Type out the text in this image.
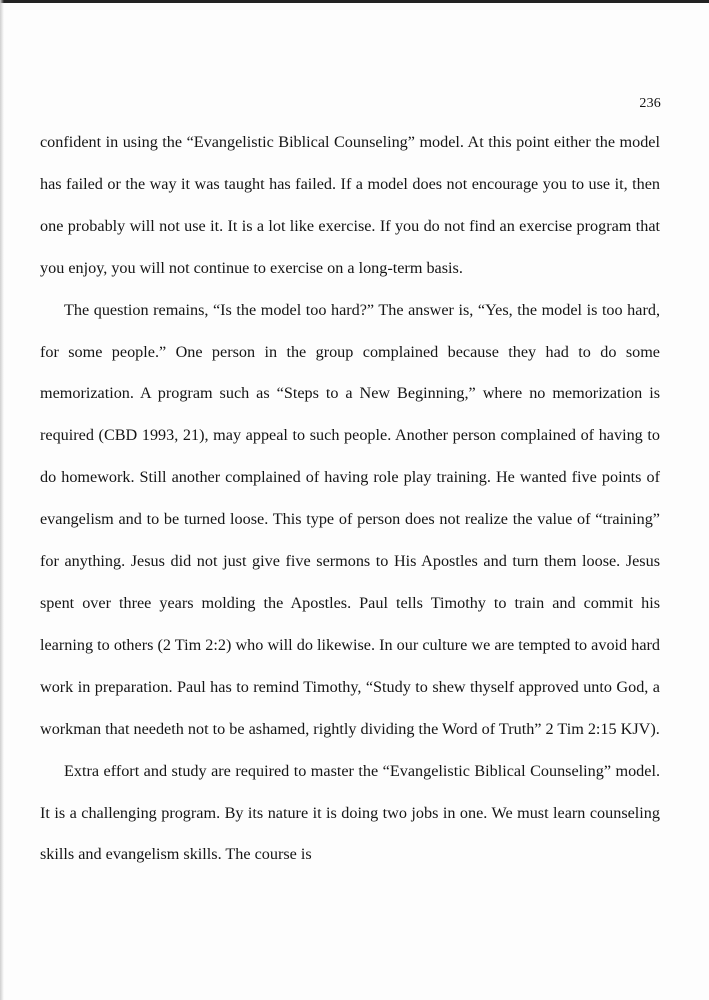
236

confident in using the “Evangelistic Biblical Counseling” model. At this point either the model has failed or the way it was taught has failed. If a model does not encourage you to use it, then one probably will not use it. It is a lot like exercise. If you do not find an exercise program that you enjoy, you will not continue to exercise on a long-term basis.

The question remains, “Is the model too hard?” The answer is, “Yes, the model is too hard, for some people.” One person in the group complained because they had to do some memorization. A program such as “Steps to a New Beginning,” where no memorization is required (CBD 1993, 21), may appeal to such people. Another person complained of having to do homework. Still another complained of having role play training. He wanted five points of evangelism and to be turned loose. This type of person does not realize the value of “training” for anything. Jesus did not just give five sermons to His Apostles and turn them loose. Jesus spent over three years molding the Apostles. Paul tells Timothy to train and commit his learning to others (2 Tim 2:2) who will do likewise. In our culture we are tempted to avoid hard work in preparation. Paul has to remind Timothy, “Study to shew thyself approved unto God, a workman that needeth not to be ashamed, rightly dividing the Word of Truth” 2 Tim 2:15 KJV).

Extra effort and study are required to master the “Evangelistic Biblical Counseling” model. It is a challenging program. By its nature it is doing two jobs in one. We must learn counseling skills and evangelism skills. The course is
